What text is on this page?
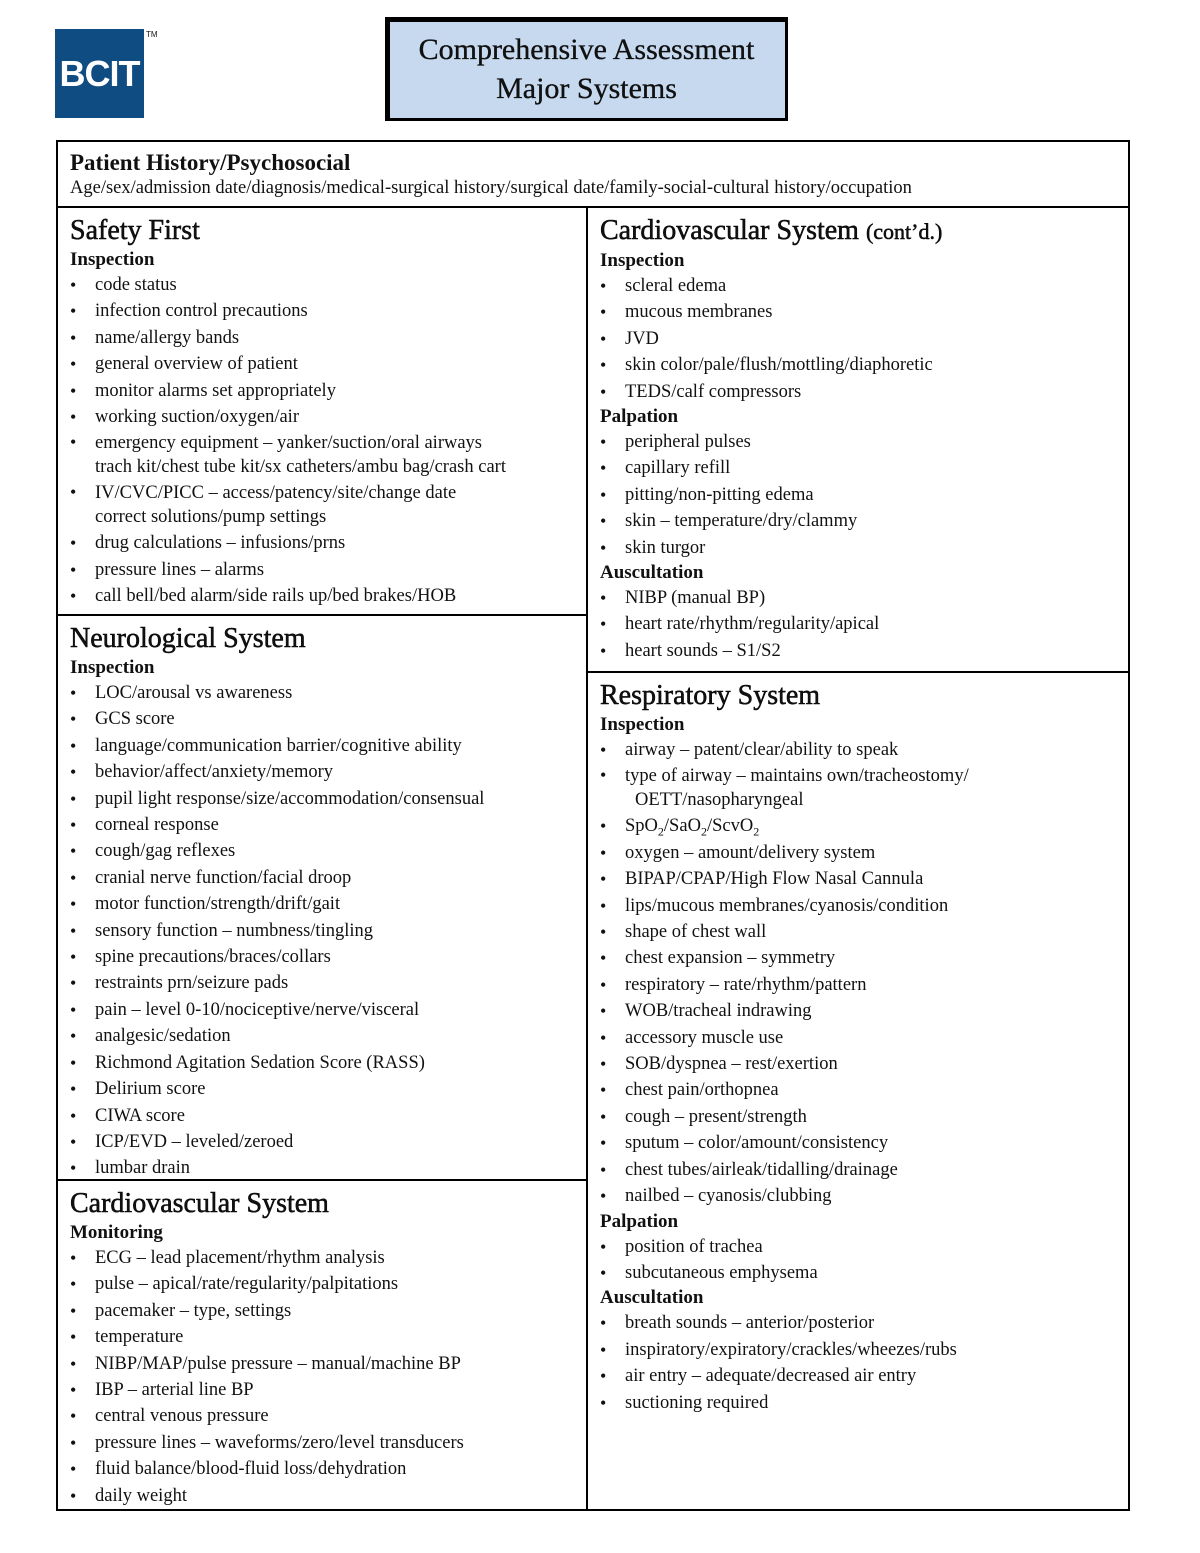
BCIT
TM	Comprehensive Assessment
Major Systems
Patient History/Psychosocial
Age/sex/admission date/diagnosis/medical-surgical history/surgical date/family-social-cultural history/occupation
Safety First
Inspection
• code status
• infection control precautions
• name/allergy bands
• general overview of patient
• monitor alarms set appropriately
• working suction/oxygen/air
• emergency equipment – yanker/suction/oral airways
trach kit/chest tube kit/sx catheters/ambu bag/crash cart
• IV/CVC/PICC – access/patency/site/change date
correct solutions/pump settings
• drug calculations – infusions/prns
• pressure lines – alarms
• call bell/bed alarm/side rails up/bed brakes/HOB
Neurological System
Inspection
• LOC/arousal vs awareness
• GCS score
• language/communication barrier/cognitive ability
• behavior/affect/anxiety/memory
• pupil light response/size/accommodation/consensual
• corneal response
• cough/gag reflexes
• cranial nerve function/facial droop
• motor function/strength/drift/gait
• sensory function – numbness/tingling
• spine precautions/braces/collars
• restraints prn/seizure pads
• pain – level 0-10/nociceptive/nerve/visceral
• analgesic/sedation
• Richmond Agitation Sedation Score (RASS)
• Delirium score
• CIWA score
• ICP/EVD – leveled/zeroed
• lumbar drain
Cardiovascular System
Monitoring
• ECG – lead placement/rhythm analysis
• pulse – apical/rate/regularity/palpitations
• pacemaker – type, settings
• temperature
• NIBP/MAP/pulse pressure – manual/machine BP
• IBP – arterial line BP
• central venous pressure
• pressure lines – waveforms/zero/level transducers
• fluid balance/blood-fluid loss/dehydration
• daily weight
Cardiovascular System (cont’d.)
Inspection
• scleral edema
• mucous membranes
• JVD
• skin color/pale/flush/mottling/diaphoretic
• TEDS/calf compressors
Palpation
• peripheral pulses
• capillary refill
• pitting/non-pitting edema
• skin – temperature/dry/clammy
• skin turgor
Auscultation
• NIBP (manual BP)
• heart rate/rhythm/regularity/apical
• heart sounds – S1/S2
Respiratory System
Inspection
• airway – patent/clear/ability to speak
• type of airway – maintains own/tracheostomy/
OETT/nasopharyngeal
• SpO$_2$/SaO$_2$/ScvO$_2$
• oxygen – amount/delivery system
• BIPAP/CPAP/High Flow Nasal Cannula
• lips/mucous membranes/cyanosis/condition
• shape of chest wall
• chest expansion – symmetry
• respiratory – rate/rhythm/pattern
• WOB/tracheal indrawing
• accessory muscle use
• SOB/dyspnea – rest/exertion
• chest pain/orthopnea
• cough – present/strength
• sputum – color/amount/consistency
• chest tubes/airleak/tidalling/drainage
• nailbed – cyanosis/clubbing
Palpation
• position of trachea
• subcutaneous emphysema
Auscultation
• breath sounds – anterior/posterior
• inspiratory/expiratory/crackles/wheezes/rubs
• air entry – adequate/decreased air entry
• suctioning required
